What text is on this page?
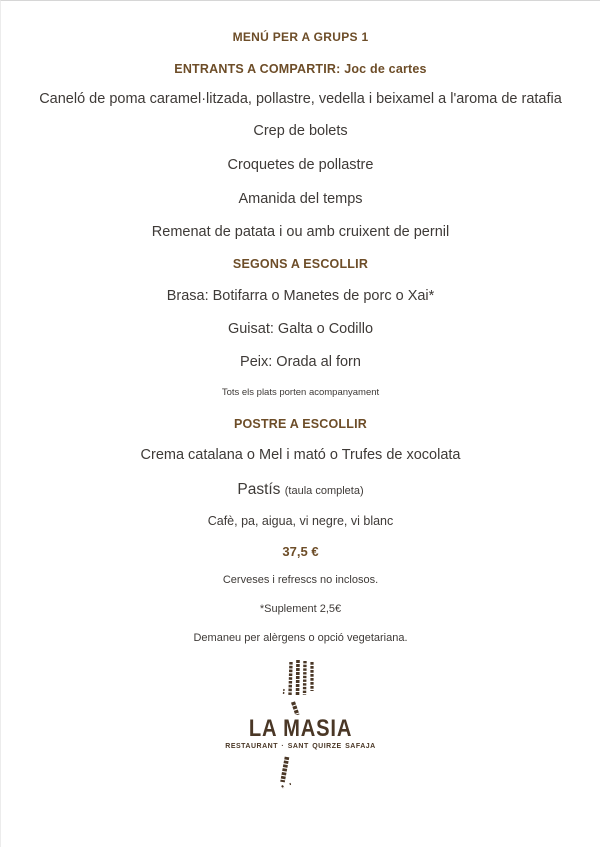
MENÚ PER A GRUPS 1

ENTRANTS A COMPARTIR: Joc de cartes

Caneló de poma caramel·litzada, pollastre, vedella i beixamel a l'aroma de ratafia

Crep de bolets

Croquetes de pollastre

Amanida del temps

Remenat de patata i ou amb cruixent de pernil

SEGONS A ESCOLLIR

Brasa: Botifarra o Manetes de porc o Xai*

Guisat: Galta o Codillo

Peix: Orada al forn

Tots els plats porten acompanyament

POSTRE A ESCOLLIR

Crema catalana o Mel i mató o Trufes de xocolata

Pastís (taula completa)

Cafè, pa, aigua, vi negre, vi blanc

37,5 €

Cerveses i refrescs no inclosos.

*Suplement 2,5€

Demaneu per alèrgens o opció vegetariana.

LA MASIA
RESTAURANT · SANT QUIRZE SAFAJA
